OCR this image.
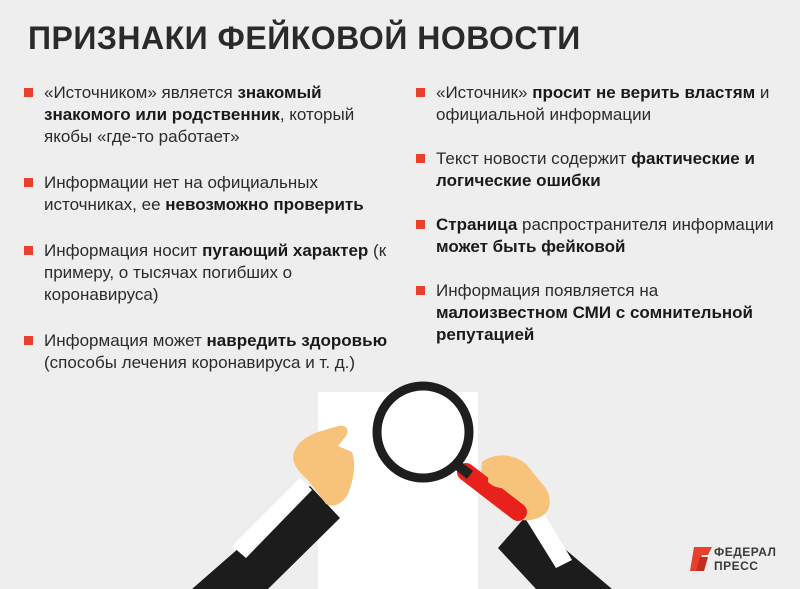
ПРИЗНАКИ ФЕЙКОВОЙ НОВОСТИ
«Источником» является знакомый знакомого или родственник, который якобы «где-то работает»
Информации нет на официальных источниках, ее невозможно проверить
Информация носит пугающий характер (к примеру, о тысячах погибших о коронавирусa)
Информация может навредить здоровью (способы лечения коронавируса и т. д.)
«Источник» просит не верить властям и официальной информации
Текст новости содержит фактические и логические ошибки
Страница распространителя информации может быть фейковой
Информация появляется на малоизвестном СМИ с сомнительной репутацией
ФЕДЕРАЛ
ПРЕСС
